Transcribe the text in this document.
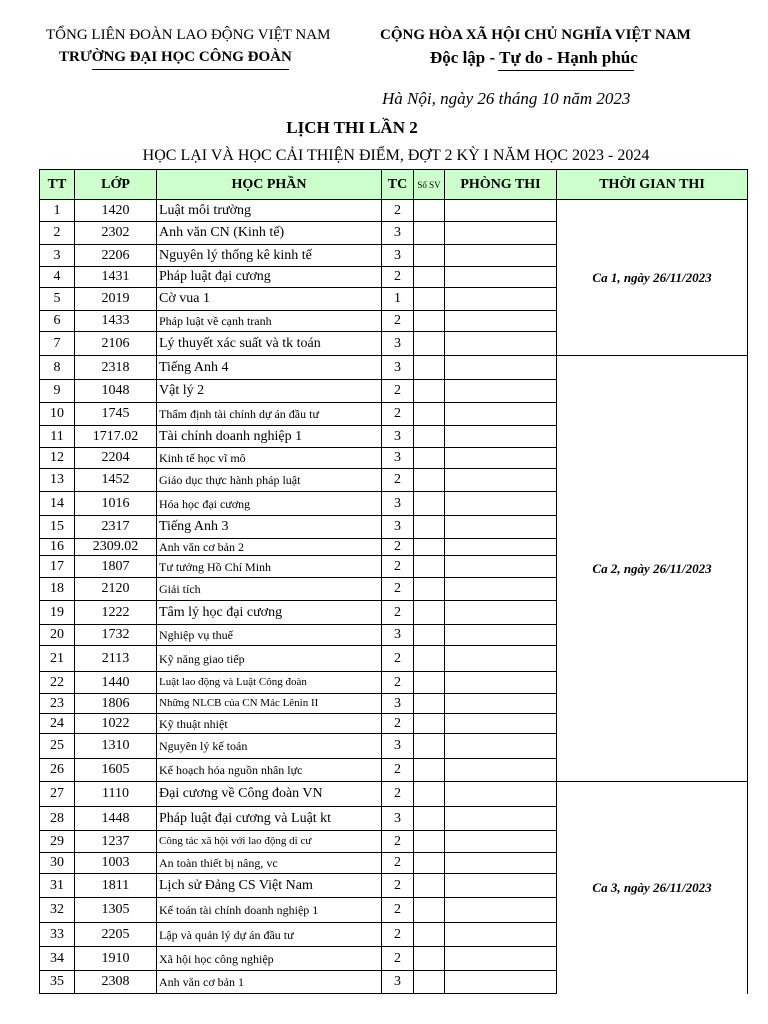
TỔNG LIÊN ĐOÀN LAO ĐỘNG VIỆT NAM
TRƯỜNG ĐẠI HỌC CÔNG ĐOÀN
CỘNG HÒA XÃ HỘI CHỦ NGHĨA VIỆT NAM
Độc lập - Tự do - Hạnh phúc
Hà Nội, ngày 26 tháng 10 năm 2023
LỊCH THI LẦN 2
HỌC LẠI VÀ HỌC CẢI THIỆN ĐIỂM, ĐỢT 2 KỲ I NĂM HỌC 2023 - 2024
TT	LỚP	HỌC PHẦN	TC	Số SV	PHÒNG THI	THỜI GIAN THI
1	1420	Luật môi trường	2			Ca 1, ngày 26/11/2023
2	2302	Anh văn CN (Kinh tế)	3			
3	2206	Nguyên lý thống kê kinh tế	3			
4	1431	Pháp luật đại cương	2			
5	2019	Cờ vua 1	1			
6	1433	Pháp luật về cạnh tranh	2			
7	2106	Lý thuyết xác suất và tk toán	3			
8	2318	Tiếng Anh 4	3			Ca 2, ngày 26/11/2023
9	1048	Vật lý 2	2			
10	1745	Thẩm định tài chính dự án đầu tư	2			
11	1717.02	Tài chính doanh nghiệp 1	3			
12	2204	Kinh tế học vĩ mô	3			
13	1452	Giáo dục thực hành pháp luật	2			
14	1016	Hóa học đại cương	3			
15	2317	Tiếng Anh 3	3			
16	2309.02	Anh văn cơ bản 2	2			
17	1807	Tư tưởng Hồ Chí Minh	2			
18	2120	Giải tích	2			
19	1222	Tâm lý học đại cương	2			
20	1732	Nghiệp vụ thuế	3			
21	2113	Kỹ năng giao tiếp	2			
22	1440	Luật lao động và Luật Công đoàn	2			
23	1806	Những NLCB của CN Mác Lênin II	3			
24	1022	Kỹ thuật nhiệt	2			
25	1310	Nguyên lý kế toán	3			
26	1605	Kế hoạch hóa nguồn nhân lực	2			
27	1110	Đại cương về Công đoàn VN	2			Ca 3, ngày 26/11/2023
28	1448	Pháp luật đại cương và Luật kt	3			
29	1237	Công tác xã hội với lao động di cư	2			
30	1003	An toàn thiết bị nâng, vc	2			
31	1811	Lịch sử Đảng CS Việt Nam	2			
32	1305	Kế toán tài chính doanh nghiệp 1	2			
33	2205	Lập và quản lý dự án đầu tư	2			
34	1910	Xã hội học công nghiệp	2			
35	2308	Anh văn cơ bản 1	3			
